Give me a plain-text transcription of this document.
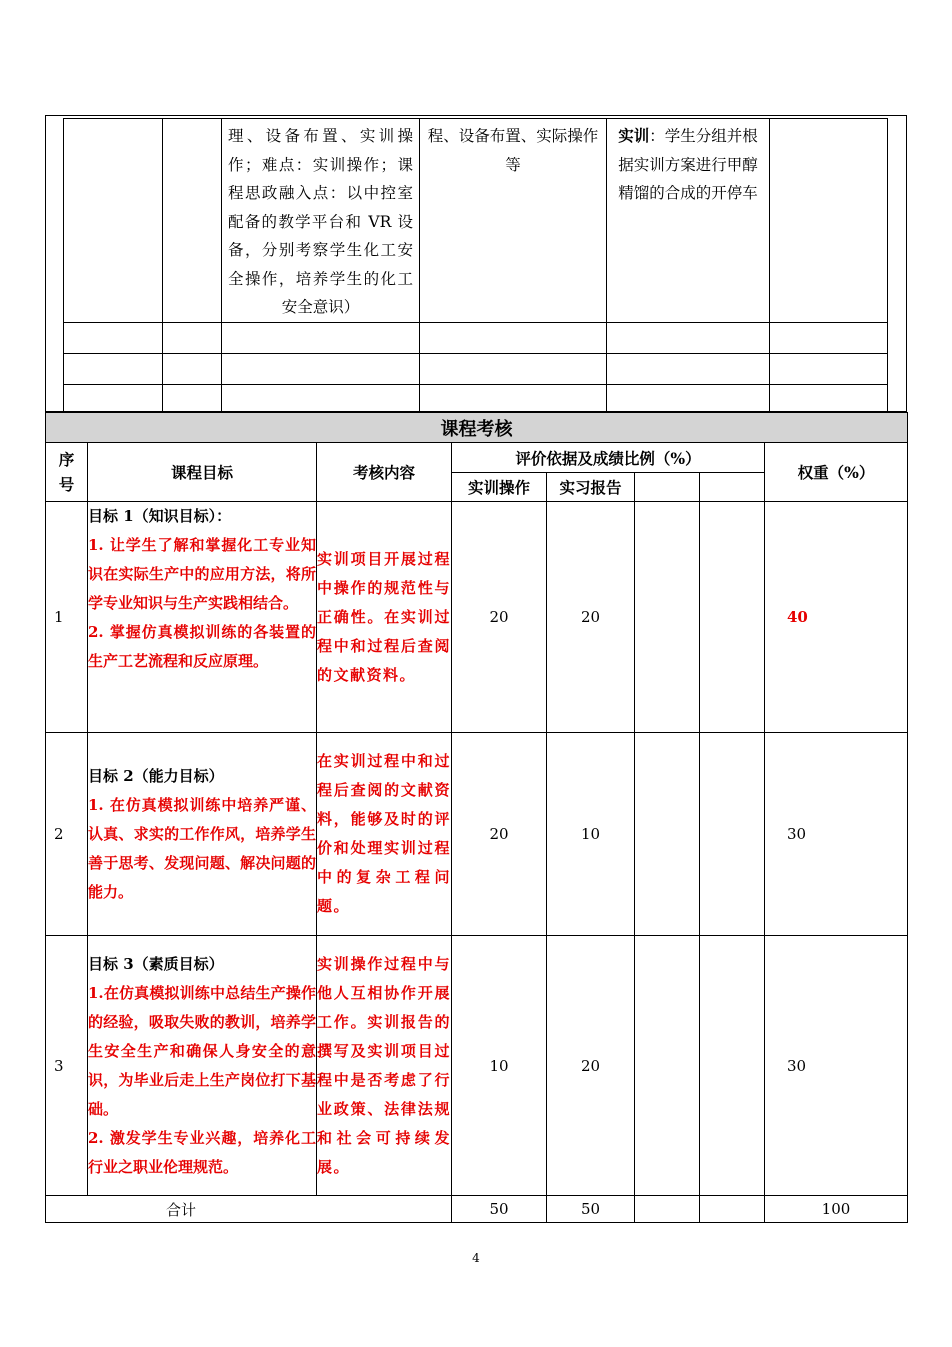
		理、设备布置、实训操作；难点：实训操作；课程思政融入点：以中控室配备的教学平台和 VR 设备，分别考察学生化工安全操作，培养学生的化工安全意识）	程、设备布置、实际操作等	实训：学生分组并根据实训方案进行甲醇精馏的合成的开停车	

课程考核							
序号	课程目标	考核内容	评价依据及成绩比例（%）				权重（%）
			实训操作	实习报告			
1	目标 1（知识目标）：
1. 让学生了解和掌握化工专业知识在实际生产中的应用方法，将所学专业知识与生产实践相结合。
2. 掌握仿真模拟训练的各装置的生产工艺流程和反应原理。	实训项目开展过程中操作的规范性与正确性。在实训过程中和过程后查阅的文献资料。	20	20			40
2	目标 2（能力目标）
1. 在仿真模拟训练中培养严谨、认真、求实的工作作风，培养学生善于思考、发现问题、解决问题的能力。	在实训过程中和过程后查阅的文献资料，能够及时的评价和处理实训过程中的复杂工程问题。	20	10			30
3	目标 3（素质目标）
1.在仿真模拟训练中总结生产操作的经验，吸取失败的教训，培养学生安全生产和确保人身安全的意识，为毕业后走上生产岗位打下基础。
2. 激发学生专业兴趣，培养化工行业之职业伦理规范。	实训操作过程中与他人互相协作开展工作。实训报告的撰写及实训项目过程中是否考虑了行业政策、法律法规和社会可持续发展。	10	20			30
合计			50	50			100
4
